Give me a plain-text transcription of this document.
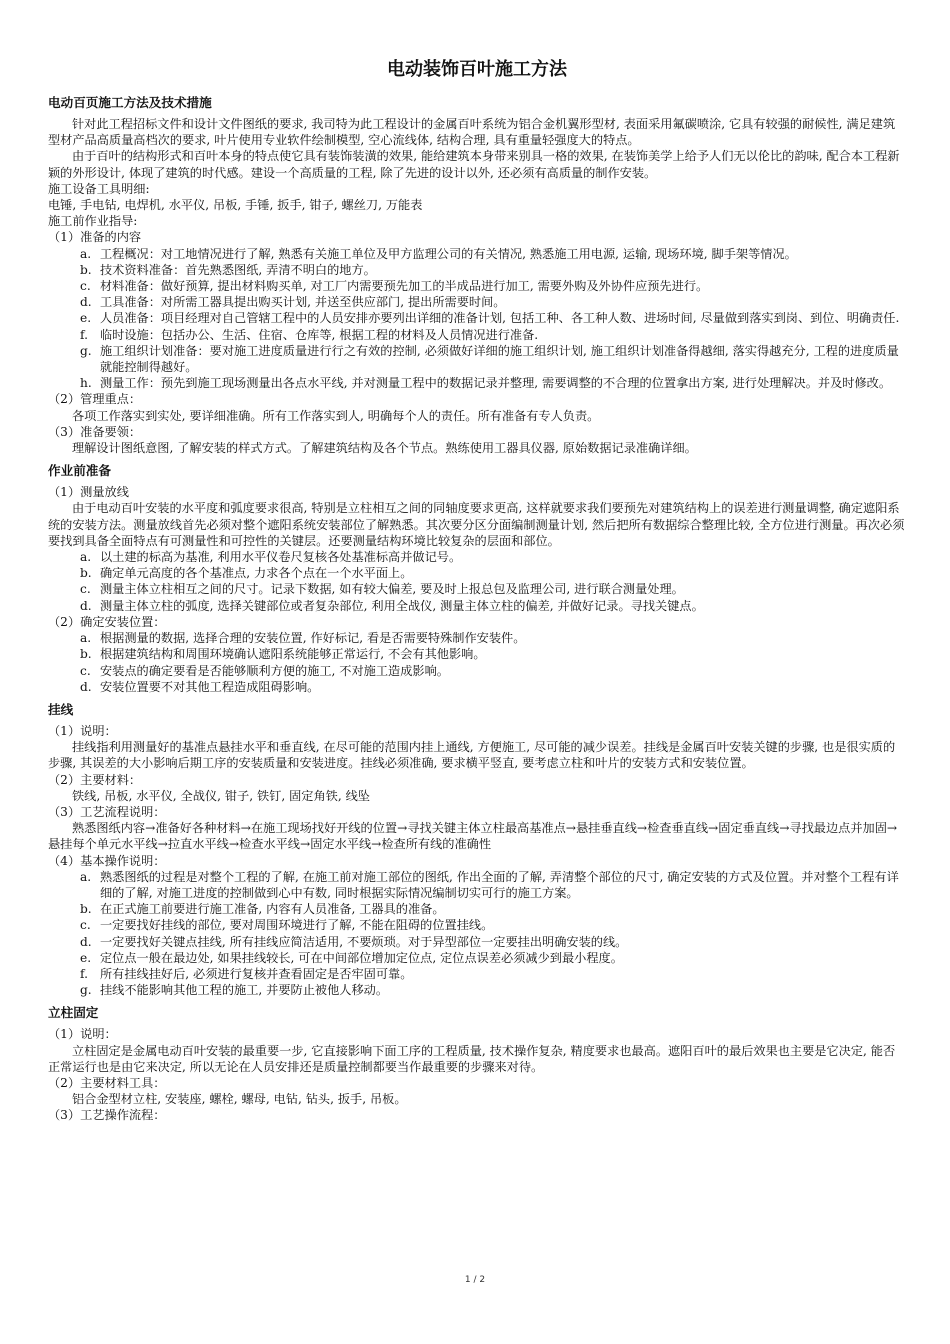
电动装饰百叶施工方法
电动百页施工方法及技术措施

针对此工程招标文件和设计文件图纸的要求, 我司特为此工程设计的金属百叶系统为铝合金机翼形型材, 表面采用氟碳喷涂, 它具有较强的耐候性, 满足建筑型材产品高质量高档次的要求, 叶片使用专业软件绘制模型, 空心流线体, 结构合理, 具有重量轻强度大的特点。

由于百叶的结构形式和百叶本身的特点使它具有装饰装潢的效果, 能给建筑本身带来别具一格的效果, 在装饰美学上给予人们无以伦比的韵味, 配合本工程新颖的外形设计, 体现了建筑的时代感。建设一个高质量的工程, 除了先进的设计以外, 还必须有高质量的制作安装。

施工设备工具明细:

电锤, 手电钻, 电焊机, 水平仪, 吊板, 手锤, 扳手, 钳子, 螺丝刀, 万能表

施工前作业指导:

（1）准备的内容

a. 工程概况：对工地情况进行了解, 熟悉有关施工单位及甲方监理公司的有关情况, 熟悉施工用电源, 运输, 现场环境, 脚手架等情况。
b. 技术资料准备：首先熟悉图纸, 弄清不明白的地方。
c. 材料准备：做好预算, 提出材料购买单, 对工厂内需要预先加工的半成品进行加工, 需要外购及外协件应预先进行。
d. 工具准备：对所需工器具提出购买计划, 并送至供应部门, 提出所需要时间。
e. 人员准备：项目经理对自己管辖工程中的人员安排亦要列出详细的准备计划, 包括工种、各工种人数、进场时间, 尽量做到落实到岗、到位、明确责任.
f. 临时设施：包括办公、生活、住宿、仓库等, 根据工程的材料及人员情况进行准备.
g. 施工组织计划准备：要对施工进度质量进行行之有效的控制, 必须做好详细的施工组织计划, 施工组织计划准备得越细, 落实得越充分, 工程的进度质量就能控制得越好。
h. 测量工作：预先到施工现场测量出各点水平线, 并对测量工程中的数据记录并整理, 需要调整的不合理的位置拿出方案, 进行处理解决。并及时修改。

（2）管理重点：

各项工作落实到实处, 要详细准确。所有工作落实到人, 明确每个人的责任。所有准备有专人负责。

（3）准备要领：

理解设计图纸意图, 了解安装的样式方式。了解建筑结构及各个节点。熟练使用工器具仪器, 原始数据记录准确详细。

作业前准备

（1）测量放线

由于电动百叶安装的水平度和弧度要求很高, 特别是立柱相互之间的同轴度要求更高, 这样就要求我们要预先对建筑结构上的误差进行测量调整, 确定遮阳系统的安装方法。测量放线首先必须对整个遮阳系统安装部位了解熟悉。其次要分区分面编制测量计划, 然后把所有数据综合整理比较, 全方位进行测量。再次必须要找到具备全面特点有可测量性和可控性的关键层。还要测量结构环境比较复杂的层面和部位。

a. 以土建的标高为基准, 利用水平仪卷尺复核各处基准标高并做记号。
b. 确定单元高度的各个基准点, 力求各个点在一个水平面上。
c. 测量主体立柱相互之间的尺寸。记录下数据, 如有较大偏差, 要及时上报总包及监理公司, 进行联合测量处理。
d. 测量主体立柱的弧度, 选择关键部位或者复杂部位, 利用全战仪, 测量主体立柱的偏差, 并做好记录。寻找关键点。

（2）确定安装位置：

a. 根据测量的数据, 选择合理的安装位置, 作好标记, 看是否需要特殊制作安装件。
b. 根据建筑结构和周围环境确认遮阳系统能够正常运行, 不会有其他影响。
c. 安装点的确定要看是否能够顺利方便的施工, 不对施工造成影响。
d. 安装位置要不对其他工程造成阻碍影响。
挂线

（1）说明：

挂线指利用测量好的基准点悬挂水平和垂直线, 在尽可能的范围内挂上通线, 方便施工, 尽可能的减少误差。挂线是金属百叶安装关键的步骤, 也是很实质的步骤, 其误差的大小影响后期工序的安装质量和安装进度。挂线必须准确, 要求横平竖直, 要考虑立柱和叶片的安装方式和安装位置。

（2）主要材料：

铁线, 吊板, 水平仪, 全战仪, 钳子, 铁钉, 固定角铁, 线坠

（3）工艺流程说明：

熟悉图纸内容→准备好各种材料→在施工现场找好开线的位置→寻找关键主体立柱最高基准点→悬挂垂直线→检查垂直线→固定垂直线→寻找最边点并加固→悬挂每个单元水平线→拉直水平线→检查水平线→固定水平线→检查所有线的准确性

（4）基本操作说明：

a. 熟悉图纸的过程是对整个工程的了解, 在施工前对施工部位的图纸, 作出全面的了解, 弄清整个部位的尺寸, 确定安装的方式及位置。并对整个工程有详细的了解, 对施工进度的控制做到心中有数, 同时根据实际情况编制切实可行的施工方案。
b. 在正式施工前要进行施工准备, 内容有人员准备, 工器具的准备。
c. 一定要找好挂线的部位, 要对周围环境进行了解, 不能在阻碍的位置挂线。
d. 一定要找好关键点挂线, 所有挂线应简洁适用, 不要烦琐。对于异型部位一定要挂出明确安装的线。
e. 定位点一般在最边处, 如果挂线较长, 可在中间部位增加定位点, 定位点误差必须减少到最小程度。
f. 所有挂线挂好后, 必须进行复核并查看固定是否牢固可靠。
g. 挂线不能影响其他工程的施工, 并要防止被他人移动。
立柱固定

（1）说明：

立柱固定是金属电动百叶安装的最重要一步, 它直接影响下面工序的工程质量, 技术操作复杂, 精度要求也最高。遮阳百叶的最后效果也主要是它决定, 能否正常运行也是由它来决定, 所以无论在人员安排还是质量控制都要当作最重要的步骤来对待。

（2）主要材料工具：

铝合金型材立柱, 安装座, 螺栓, 螺母, 电钻, 钻头, 扳手, 吊板。

（3）工艺操作流程：

1 / 2
